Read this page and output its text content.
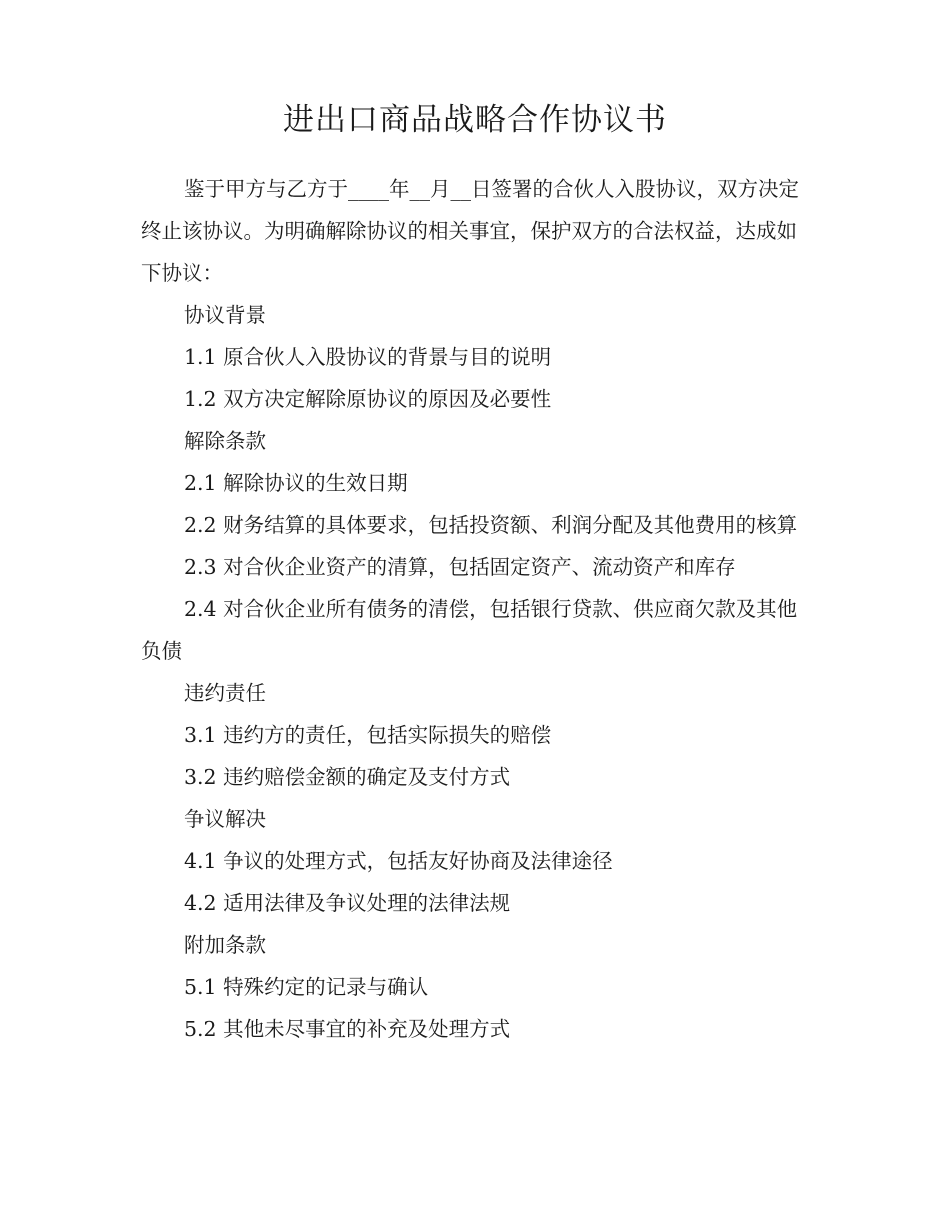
进出口商品战略合作协议书

鉴于甲方与乙方于____年__月__日签署的合伙人入股协议，双方决定终止该协议。为明确解除协议的相关事宜，保护双方的合法权益，达成如下协议：

协议背景

1.1 原合伙人入股协议的背景与目的说明

1.2 双方决定解除原协议的原因及必要性

解除条款

2.1 解除协议的生效日期

2.2 财务结算的具体要求，包括投资额、利润分配及其他费用的核算

2.3 对合伙企业资产的清算，包括固定资产、流动资产和库存

2.4 对合伙企业所有债务的清偿，包括银行贷款、供应商欠款及其他负债

违约责任

3.1 违约方的责任，包括实际损失的赔偿

3.2 违约赔偿金额的确定及支付方式

争议解决

4.1 争议的处理方式，包括友好协商及法律途径

4.2 适用法律及争议处理的法律法规

附加条款

5.1 特殊约定的记录与确认

5.2 其他未尽事宜的补充及处理方式
